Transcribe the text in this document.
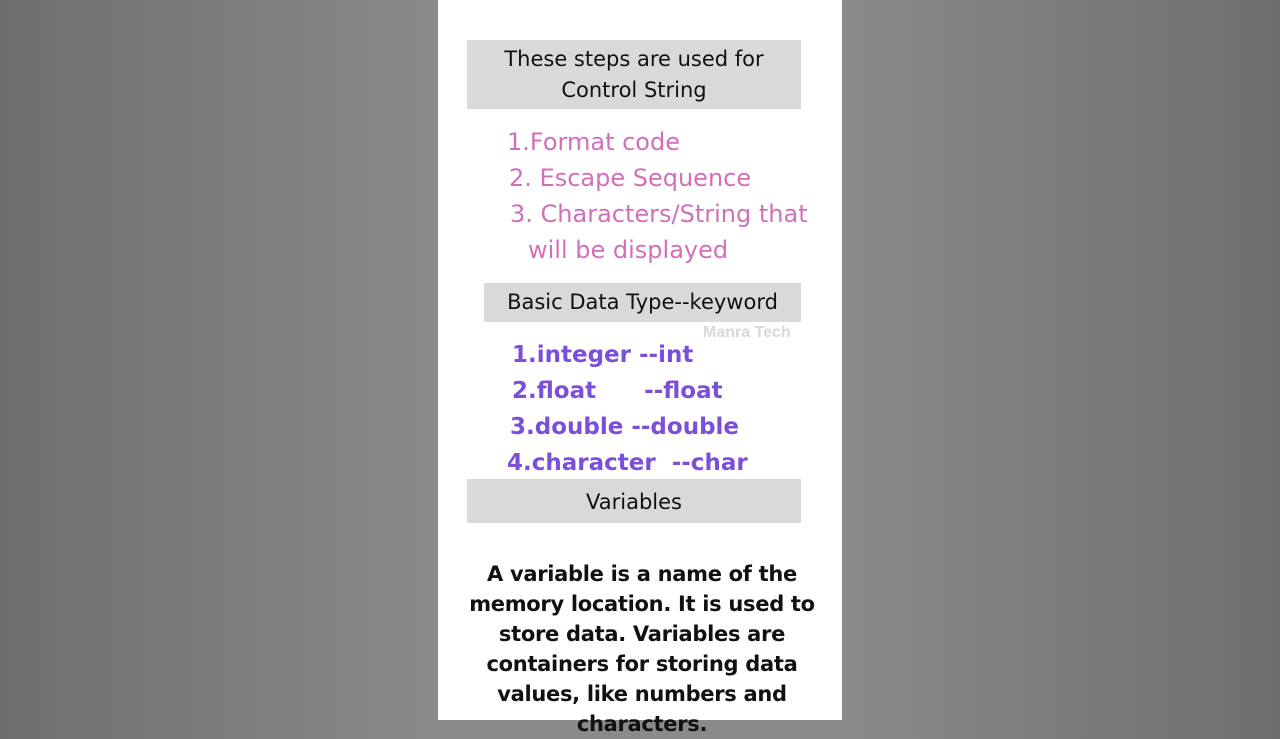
These steps are used for
Control String
1.Format code
2. Escape Sequence
3. Characters/String that
will be displayed
Basic Data Type--keyword
Manra Tech
1.integer --int
2.float      --float
3.double --double
4.character  --char
Variables
A variable is a name of the memory location. It is used to store data. Variables are containers for storing data values, like numbers and characters.
